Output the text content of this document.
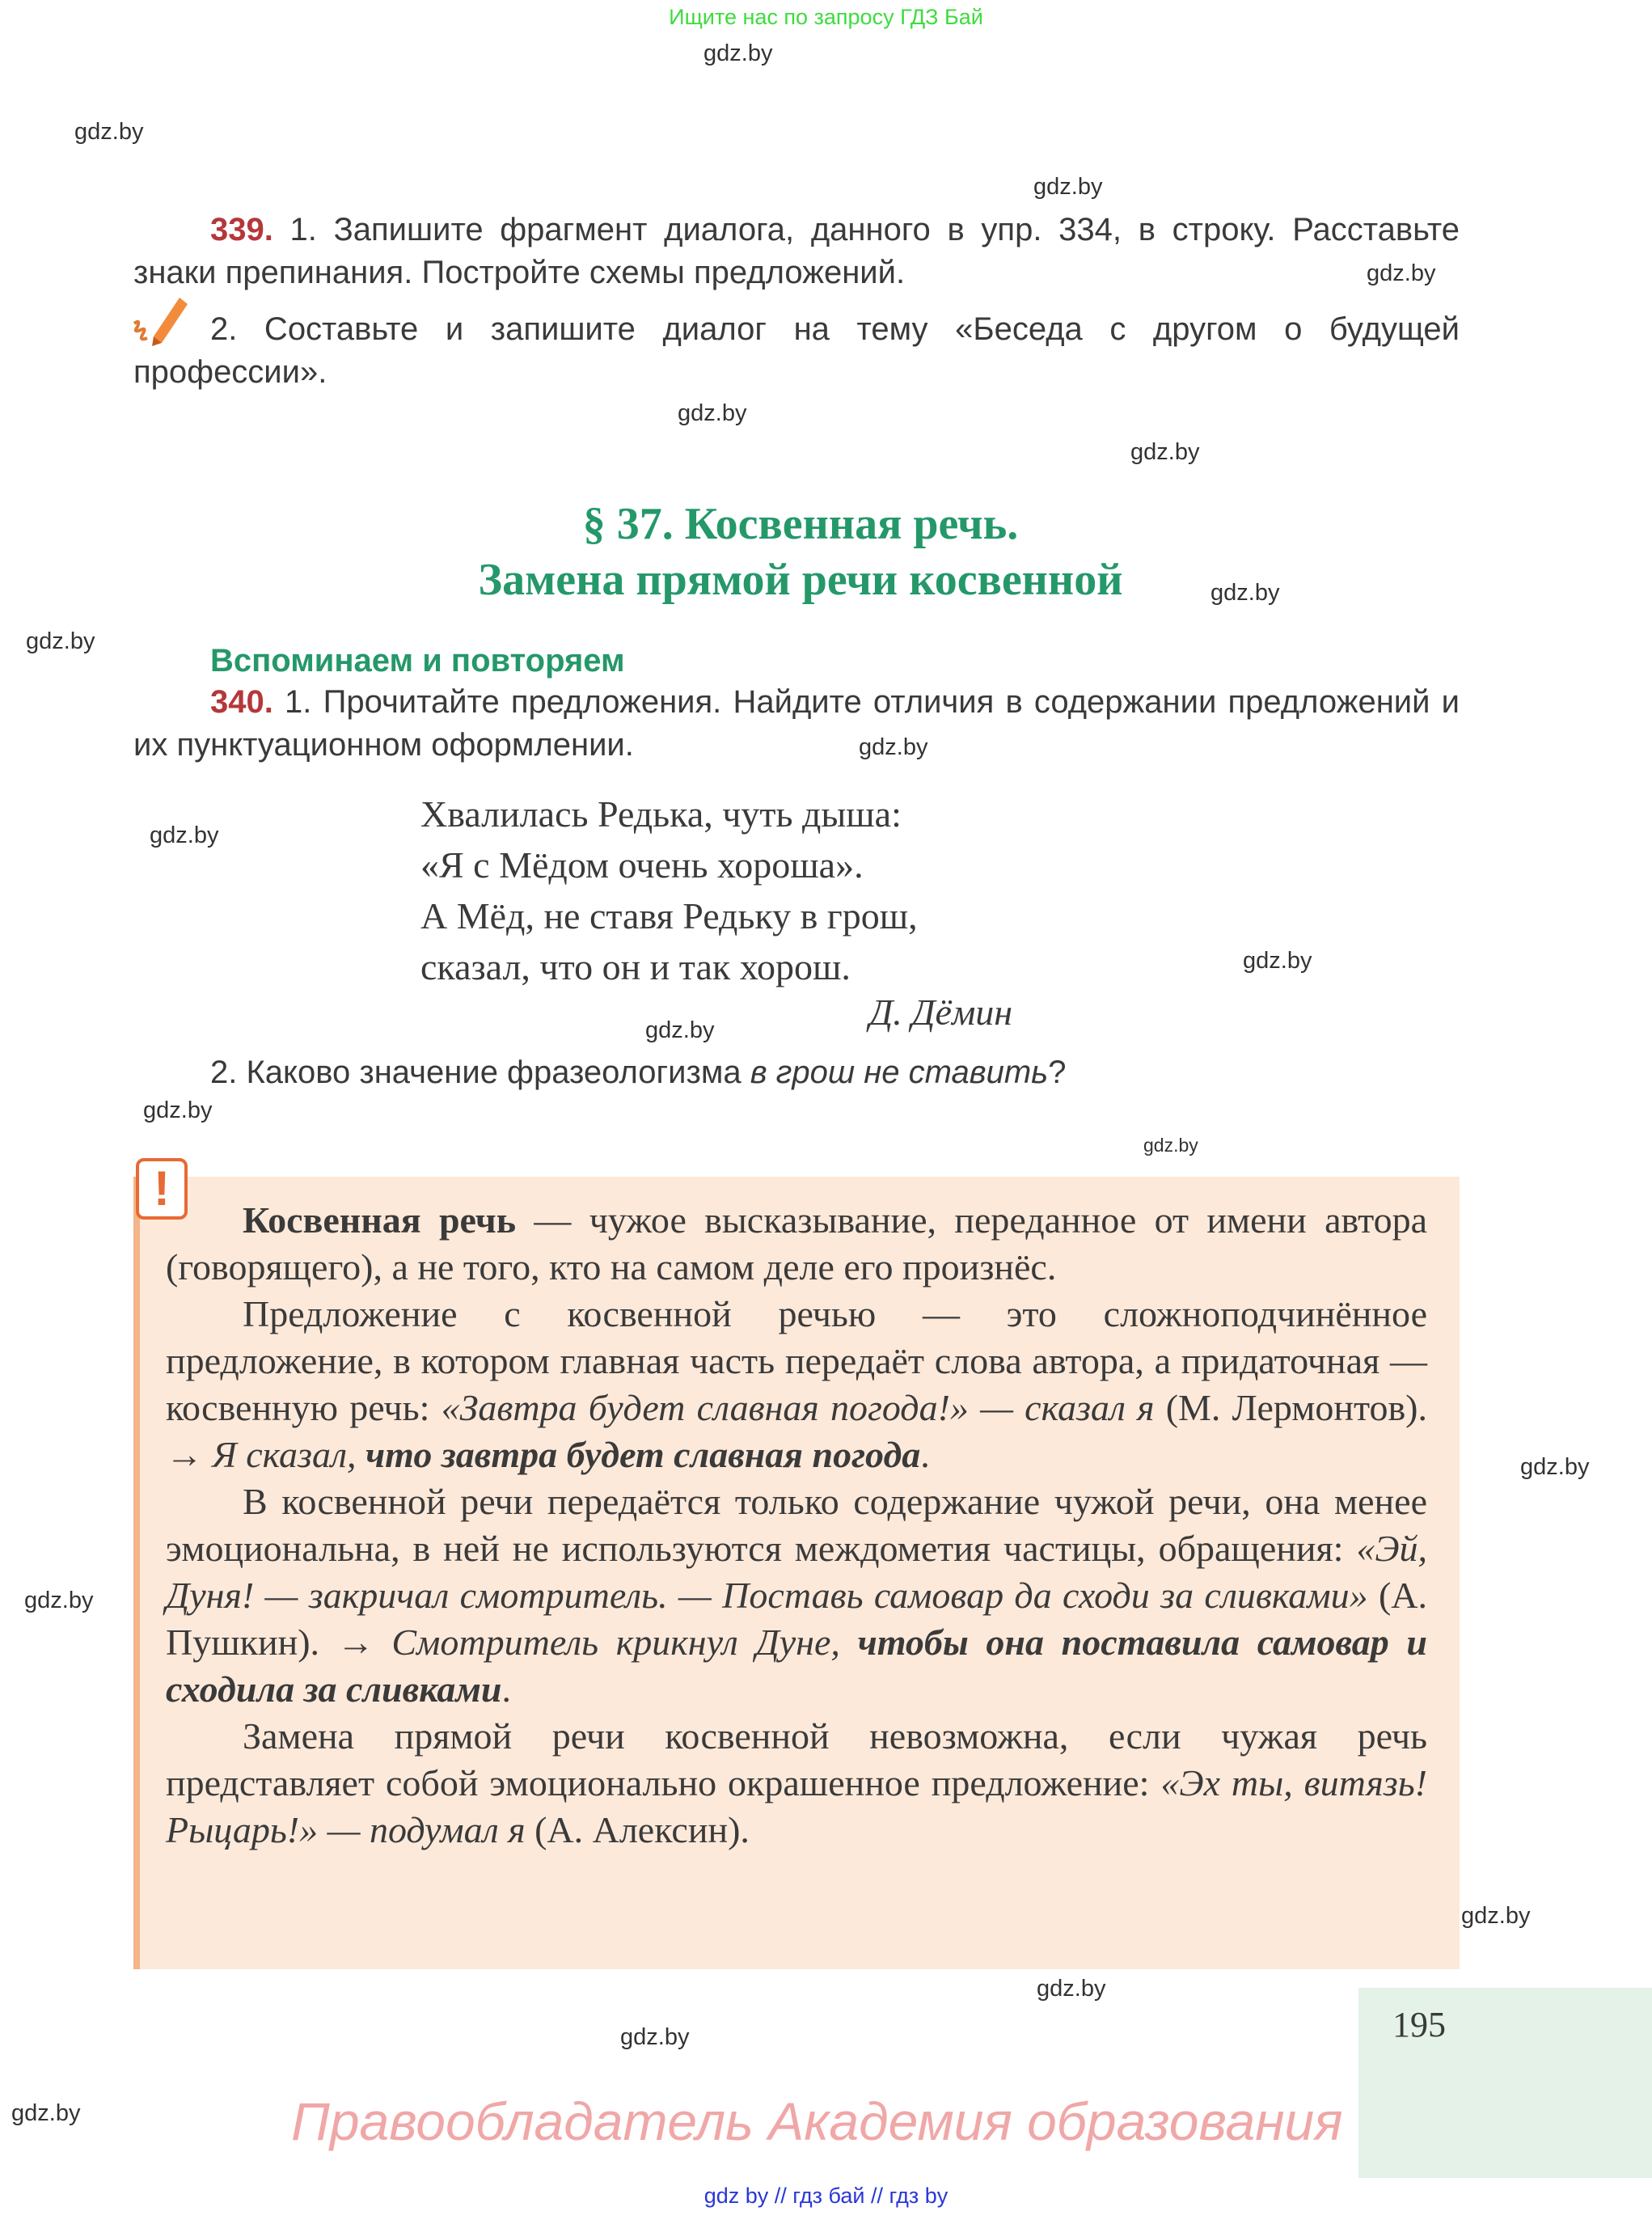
Ищите нас по запросу ГДЗ Бай
gdz.by
gdz.by
gdz.by
gdz.by
gdz.by
gdz.by
gdz.by
gdz.by
gdz.by
gdz.by
gdz.by
gdz.by
gdz.by
gdz.by
gdz.by
gdz.by
gdz.by
gdz.by
gdz.by
gdz.by
339. 1. Запишите фрагмент диалога, данного в упр. 334, в строку. Расставьте знаки препинания. Постройте схемы предложений.
2. Составьте и запишите диалог на тему «Беседа с другом о будущей профессии».
§ 37. Косвенная речь.
Замена прямой речи косвенной
Вспоминаем и повторяем
340. 1. Прочитайте предложения. Найдите отличия в содержании предложений и их пунктуационном оформлении.
Хвалилась Редька, чуть дыша:
«Я с Мёдом очень хороша».
А Мёд, не ставя Редьку в грош,
сказал, что он и так хорош.
Д. Дёмин
2. Каково значение фразеологизма в грош не ставить?
!

Косвенная речь — чужое высказывание, переданное от имени автора (говорящего), а не того, кто на самом деле его произнёс.

Предложение с косвенной речью — это сложноподчинённое предложение, в котором главная часть передаёт слова автора, а придаточная — косвенную речь: «Завтра будет славная погода!» — сказал я (М. Лермонтов). → Я сказал, что завтра будет славная погода.

В косвенной речи передаётся только содержание чужой речи, она менее эмоциональна, в ней не используются междометия частицы, обращения: «Эй, Дуня! — закричал смотритель. — Поставь самовар да сходи за сливками» (А. Пушкин). → Смотритель крикнул Дуне, чтобы она поставила самовар и сходила за сливками.

Замена прямой речи косвенной невозможна, если чужая речь представляет собой эмоционально окрашенное предложение: «Эх ты, витязь! Рыцарь!» — подумал я (А. Алексин).

195
Правообладатель Академия образования
gdz by // гдз бай // гдз by
